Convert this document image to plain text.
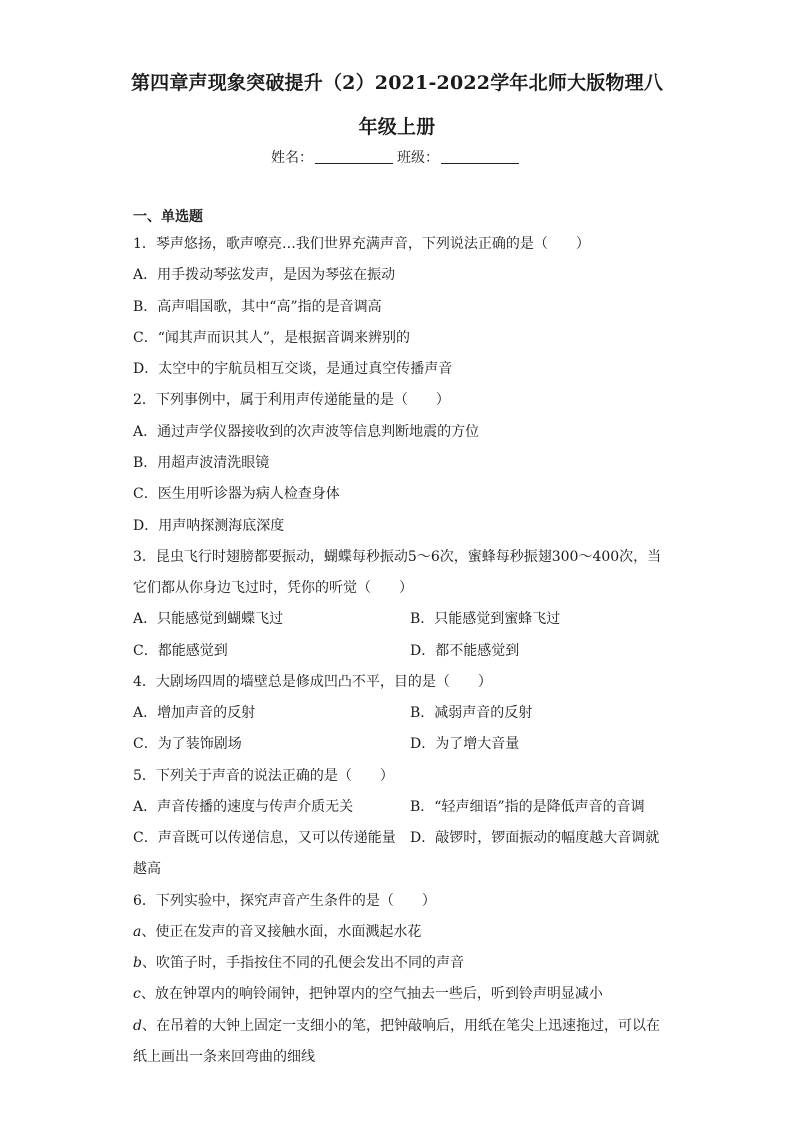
第四章声现象突破提升（2）2021-2022学年北师大版物理八
年级上册
姓名：	班级：
一、单选题
1．琴声悠扬，歌声嘹亮…我们世界充满声音，下列说法正确的是（　　）
A．用手拨动琴弦发声，是因为琴弦在振动
B．高声唱国歌，其中“高”指的是音调高
C．“闻其声而识其人”，是根据音调来辨别的
D．太空中的宇航员相互交谈，是通过真空传播声音
2．下列事例中，属于利用声传递能量的是（　　）
A．通过声学仪器接收到的次声波等信息判断地震的方位
B．用超声波清洗眼镜
C．医生用听诊器为病人检查身体
D．用声呐探测海底深度
3．昆虫飞行时翅膀都要振动，蝴蝶每秒振动5～6次，蜜蜂每秒振翅300～400次，当
它们都从你身边飞过时，凭你的听觉（　　）
A．只能感觉到蝴蝶飞过	B．只能感觉到蜜蜂飞过
C．都能感觉到	D．都不能感觉到
4．大剧场四周的墙壁总是修成凹凸不平，目的是（　　）
A．增加声音的反射	B．减弱声音的反射
C．为了装饰剧场	D．为了增大音量
5．下列关于声音的说法正确的是（　　）
A．声音传播的速度与传声介质无关	B．“轻声细语”指的是降低声音的音调
C．声音既可以传递信息，又可以传递能量 D．敲锣时，锣面振动的幅度越大音调就
越高
6．下列实验中，探究声音产生条件的是（　　）
a、使正在发声的音叉接触水面，水面溅起水花
b、吹笛子时，手指按住不同的孔便会发出不同的声音
c、放在钟罩内的响铃闹钟，把钟罩内的空气抽去一些后，听到铃声明显减小
d、在吊着的大钟上固定一支细小的笔，把钟敲响后，用纸在笔尖上迅速拖过，可以在
纸上画出一条来回弯曲的细线
